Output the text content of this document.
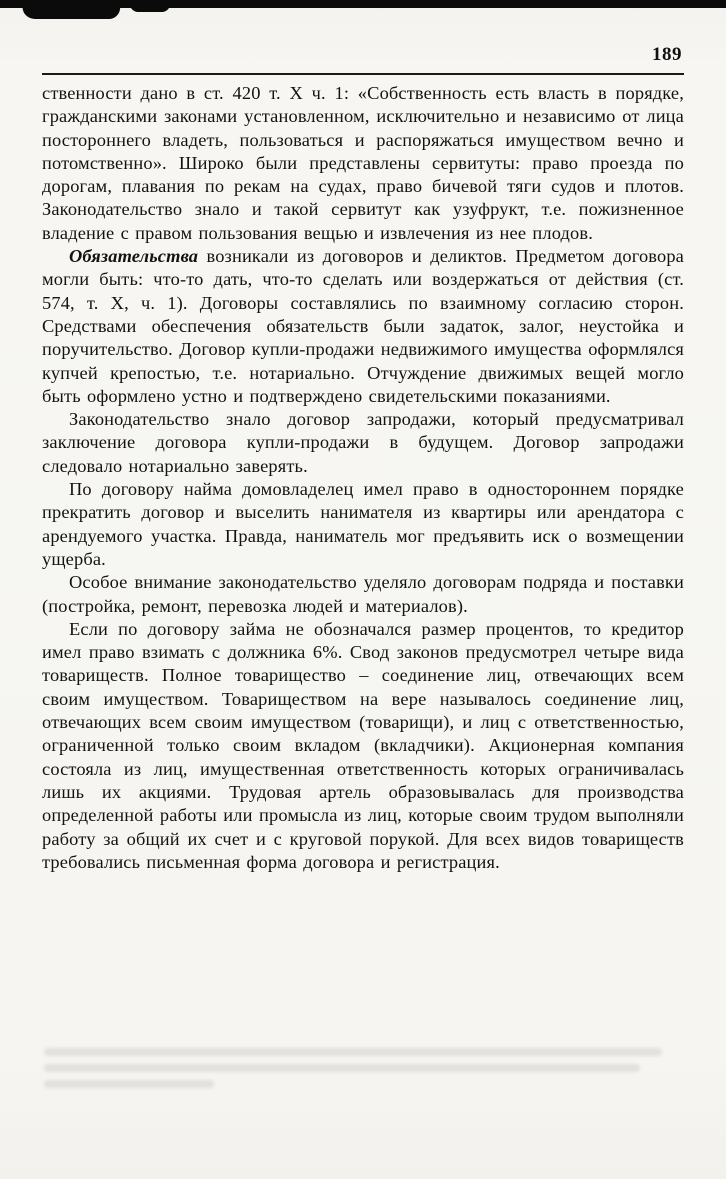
189

ственности дано в ст. 420 т. X ч. 1: «Собственность есть власть в порядке, гражданскими законами установленном, исключительно и независимо от лица постороннего владеть, пользоваться и распоряжаться имуществом вечно и потомственно». Широко были представлены сервитуты: право проезда по дорогам, плавания по рекам на судах, право бичевой тяги судов и плотов. Законодательство знало и такой сервитут как узуфрукт, т.е. пожизненное владение с правом пользования вещью и извлечения из нее плодов.

Обязательства возникали из договоров и деликтов. Предметом договора могли быть: что-то дать, что-то сделать или воздержаться от действия (ст. 574, т. X, ч. 1). Договоры составлялись по взаимному согласию сторон. Средствами обеспечения обязательств были задаток, залог, неустойка и поручительство. Договор купли-продажи недвижимого имущества оформлялся купчей крепостью, т.е. нотариально. Отчуждение движимых вещей могло быть оформлено устно и подтверждено свидетельскими показаниями.

Законодательство знало договор запродажи, который предусматривал заключение договора купли-продажи в будущем. Договор запродажи следовало нотариально заверять.

По договору найма домовладелец имел право в одностороннем порядке прекратить договор и выселить нанимателя из квартиры или арендатора с арендуемого участка. Правда, наниматель мог предъявить иск о возмещении ущерба.

Особое внимание законодательство уделяло договорам подряда и поставки (постройка, ремонт, перевозка людей и материалов).

Если по договору займа не обозначался размер процентов, то кредитор имел право взимать с должника 6%. Свод законов предусмотрел четыре вида товариществ. Полное товарищество – соединение лиц, отвечающих всем своим имуществом. Товариществом на вере называлось соединение лиц, отвечающих всем своим имуществом (товарищи), и лиц с ответственностью, ограниченной только своим вкладом (вкладчики). Акционерная компания состояла из лиц, имущественная ответственность которых ограничивалась лишь их акциями. Трудовая артель образовывалась для производства определенной работы или промысла из лиц, которые своим трудом выполняли работу за общий их счет и с круговой порукой. Для всех видов товариществ требовались письменная форма договора и регистрация.
